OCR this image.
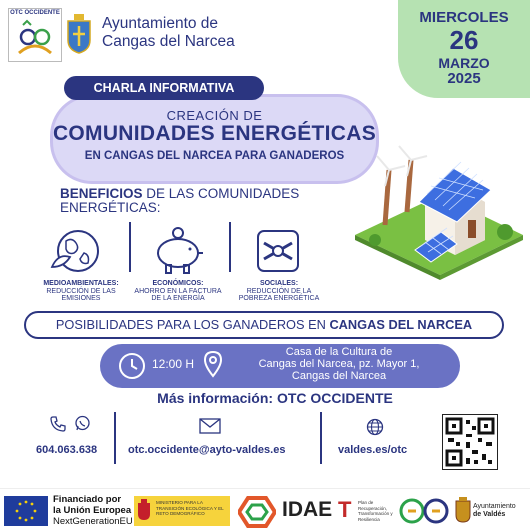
OTC OCCIDENTE
Ayuntamiento de
Cangas del Narcea
MIERCOLES
26
MARZO
2025
CHARLA INFORMATIVA
CREACIÓN DE
COMUNIDADES ENERGÉTICAS
EN CANGAS DEL NARCEA PARA GANADEROS
BENEFICIOS DE LAS COMUNIDADES
ENERGÉTICAS:
MEDIOAMBIENTALES:
REDUCCIÓN DE LAS
EMISIONES
ECONÓMICOS:
AHORRO EN LA FACTURA
DE LA ENERGÍA
SOCIALES:
REDUCCIÓN DE LA
POBREZA ENERGÉTICA
POSIBILIDADES PARA LOS GANADEROS EN CANGAS DEL NARCEA
12:00 H
Casa de la Cultura de
Cangas del Narcea, pz. Mayor 1,
Cangas del Narcea
Más información: OTC OCCIDENTE
604.063.638	otc.occidente@ayto-valdes.es	valdes.es/otc
Financiado por
la Unión Europea
NextGenerationEU
MINISTERIO PARA LA TRANSICIÓN ECOLÓGICA Y EL RETO DEMOGRÁFICO	IDAE T	Plan de Recuperación, Transformación y Resiliencia
Ayuntamiento
de Valdés
